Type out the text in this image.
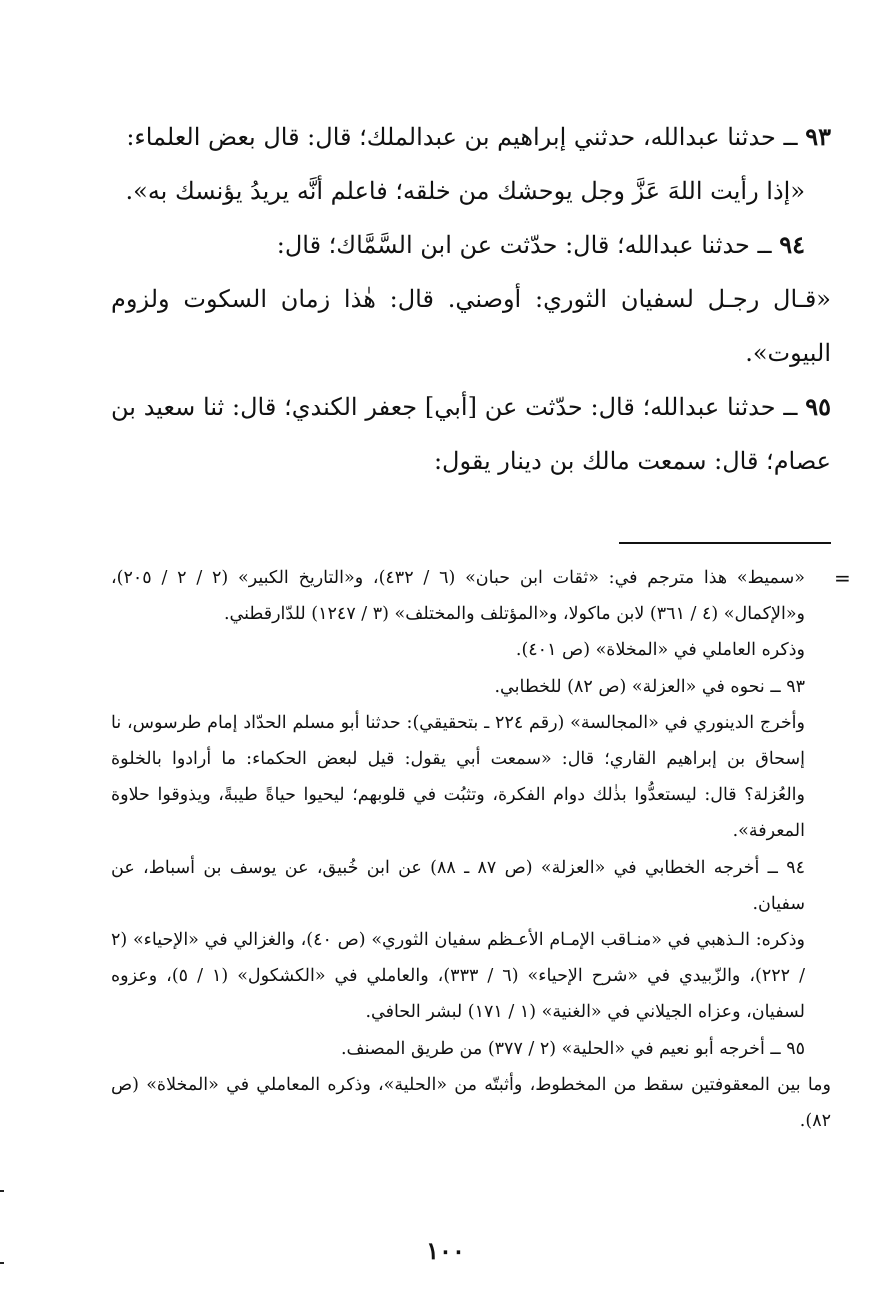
٩٣ ــ حدثنا عبدالله، حدثني إبراهيم بن عبدالملك؛ قال: قال بعض العلماء:

«إذا رأيت اللهَ عَزَّ وجل يوحشك من خلقه؛ فاعلم أنَّه يريدُ يؤنسك به».

٩٤ ــ حدثنا عبدالله؛ قال: حدّثت عن ابن السَّمَّاك؛ قال:

«قـال رجـل لسفيان الثوري: أوصني. قال: هٰذا زمان السكوت ولزوم البيوت».

٩٥ ــ حدثنا عبدالله؛ قال: حدّثت عن [أبي] جعفر الكندي؛ قال: ثنا سعيد بن عصام؛ قال: سمعت مالك بن دينار يقول:

=

«سميط» هذا مترجم في: «ثقات ابن حبان» (٦ / ٤٣٢)، و«التاريخ الكبير» (٢ / ٢ / ٢٠٥)، و«الإكمال» (٤ / ٣٦١) لابن ماكولا، و«المؤتلف والمختلف» (٣ / ١٢٤٧) للدّارقطني.

وذكره العاملي في «المخلاة» (ص ٤٠١).

٩٣ ــ نحوه في «العزلة» (ص ٨٢) للخطابي.

وأخرج الدينوري في «المجالسة» (رقم ٢٢٤ ـ بتحقيقي): حدثنا أبو مسلم الحدّاد إمام طرسوس، نا إسحاق بن إبراهيم القاري؛ قال: «سمعت أبي يقول: قيل لبعض الحكماء: ما أرادوا بالخلوة والعُزلة؟ قال: ليستعدُّوا بذٰلك دوام الفكرة، وتثبُت في قلوبهم؛ ليحيوا حياةً طيبةً، ويذوقوا حلاوة المعرفة».

٩٤ ــ أخرجه الخطابي في «العزلة» (ص ٨٧ ـ ٨٨) عن ابن خُبيق، عن يوسف بن أسباط، عن سفيان.

وذكره: الـذهبي في «منـاقب الإمـام الأعـظم سفيان الثوري» (ص ٤٠)، والغزالي في «الإحياء» (٢ / ٢٢٢)، والزّبيدي في «شرح الإحياء» (٦ / ٣٣٣)، والعاملي في «الكشكول» (١ / ٥)، وعزوه لسفيان، وعزاه الجيلاني في «الغنية» (١ / ١٧١) لبشر الحافي.

٩٥ ــ أخرجه أبو نعيم في «الحلية» (٢ / ٣٧٧) من طريق المصنف.

وما بين المعقوفتين سقط من المخطوط، وأثبتّه من «الحلية»، وذكره المعاملي في «المخلاة» (ص ٨٢).

١٠٠
